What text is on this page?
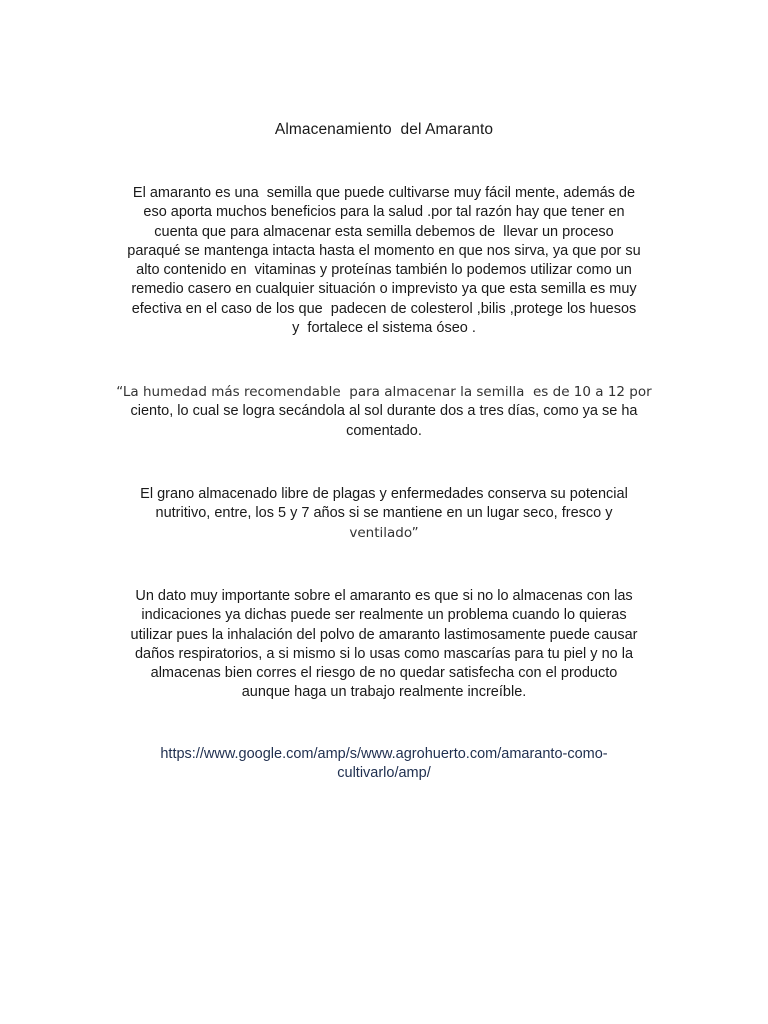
Almacenamiento  del Amaranto
El amaranto es una  semilla que puede cultivarse muy fácil mente, además de
eso aporta muchos beneficios para la salud .por tal razón hay que tener en
cuenta que para almacenar esta semilla debemos de  llevar un proceso
paraqué se mantenga intacta hasta el momento en que nos sirva, ya que por su
alto contenido en  vitaminas y proteínas también lo podemos utilizar como un
remedio casero en cualquier situación o imprevisto ya que esta semilla es muy
efectiva en el caso de los que  padecen de colesterol ,bilis ,protege los huesos
y  fortalece el sistema óseo .
“La humedad más recomendable  para almacenar la semilla  es de 10 a 12 por
ciento, lo cual se logra secándola al sol durante dos a tres días, como ya se ha
comentado.
El grano almacenado libre de plagas y enfermedades conserva su potencial
nutritivo, entre, los 5 y 7 años si se mantiene en un lugar seco, fresco y
ventilado”
Un dato muy importante sobre el amaranto es que si no lo almacenas con las
indicaciones ya dichas puede ser realmente un problema cuando lo quieras
utilizar pues la inhalación del polvo de amaranto lastimosamente puede causar
daños respiratorios, a si mismo si lo usas como mascarías para tu piel y no la
almacenas bien corres el riesgo de no quedar satisfecha con el producto
aunque haga un trabajo realmente increíble.
https://www.google.com/amp/s/www.agrohuerto.com/amaranto-como-
cultivarlo/amp/
